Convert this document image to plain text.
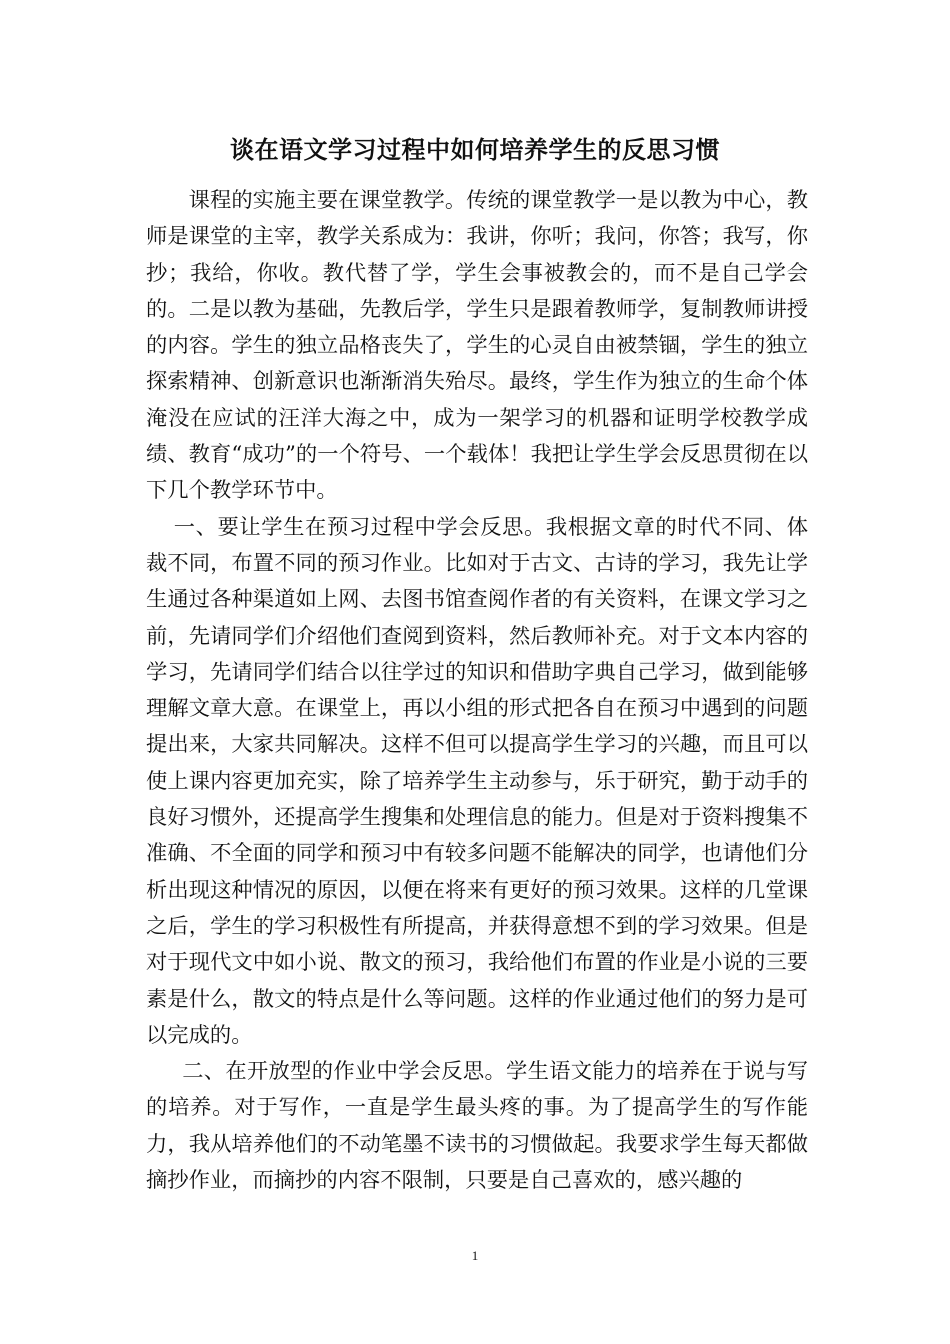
谈在语文学习过程中如何培养学生的反思习惯

课程的实施主要在课堂教学。传统的课堂教学一是以教为中心，教师是课堂的主宰，教学关系成为：我讲，你听；我问，你答；我写，你抄；我给，你收。教代替了学，学生会事被教会的，而不是自己学会的。二是以教为基础，先教后学，学生只是跟着教师学，复制教师讲授的内容。学生的独立品格丧失了，学生的心灵自由被禁锢，学生的独立探索精神、创新意识也渐渐消失殆尽。最终，学生作为独立的生命个体淹没在应试的汪洋大海之中，成为一架学习的机器和证明学校教学成绩、教育“成功”的一个符号、一个载体！我把让学生学会反思贯彻在以下几个教学环节中。

一、要让学生在预习过程中学会反思。我根据文章的时代不同、体裁不同，布置不同的预习作业。比如对于古文、古诗的学习，我先让学生通过各种渠道如上网、去图书馆查阅作者的有关资料，在课文学习之前，先请同学们介绍他们查阅到资料，然后教师补充。对于文本内容的学习，先请同学们结合以往学过的知识和借助字典自己学习，做到能够理解文章大意。在课堂上，再以小组的形式把各自在预习中遇到的问题提出来，大家共同解决。这样不但可以提高学生学习的兴趣，而且可以使上课内容更加充实，除了培养学生主动参与，乐于研究，勤于动手的良好习惯外，还提高学生搜集和处理信息的能力。但是对于资料搜集不准确、不全面的同学和预习中有较多问题不能解决的同学，也请他们分析出现这种情况的原因，以便在将来有更好的预习效果。这样的几堂课之后，学生的学习积极性有所提高，并获得意想不到的学习效果。但是对于现代文中如小说、散文的预习，我给他们布置的作业是小说的三要素是什么，散文的特点是什么等问题。这样的作业通过他们的努力是可以完成的。

二、在开放型的作业中学会反思。学生语文能力的培养在于说与写的培养。对于写作，一直是学生最头疼的事。为了提高学生的写作能力，我从培养他们的不动笔墨不读书的习惯做起。我要求学生每天都做摘抄作业，而摘抄的内容不限制，只要是自己喜欢的，感兴趣的

1
